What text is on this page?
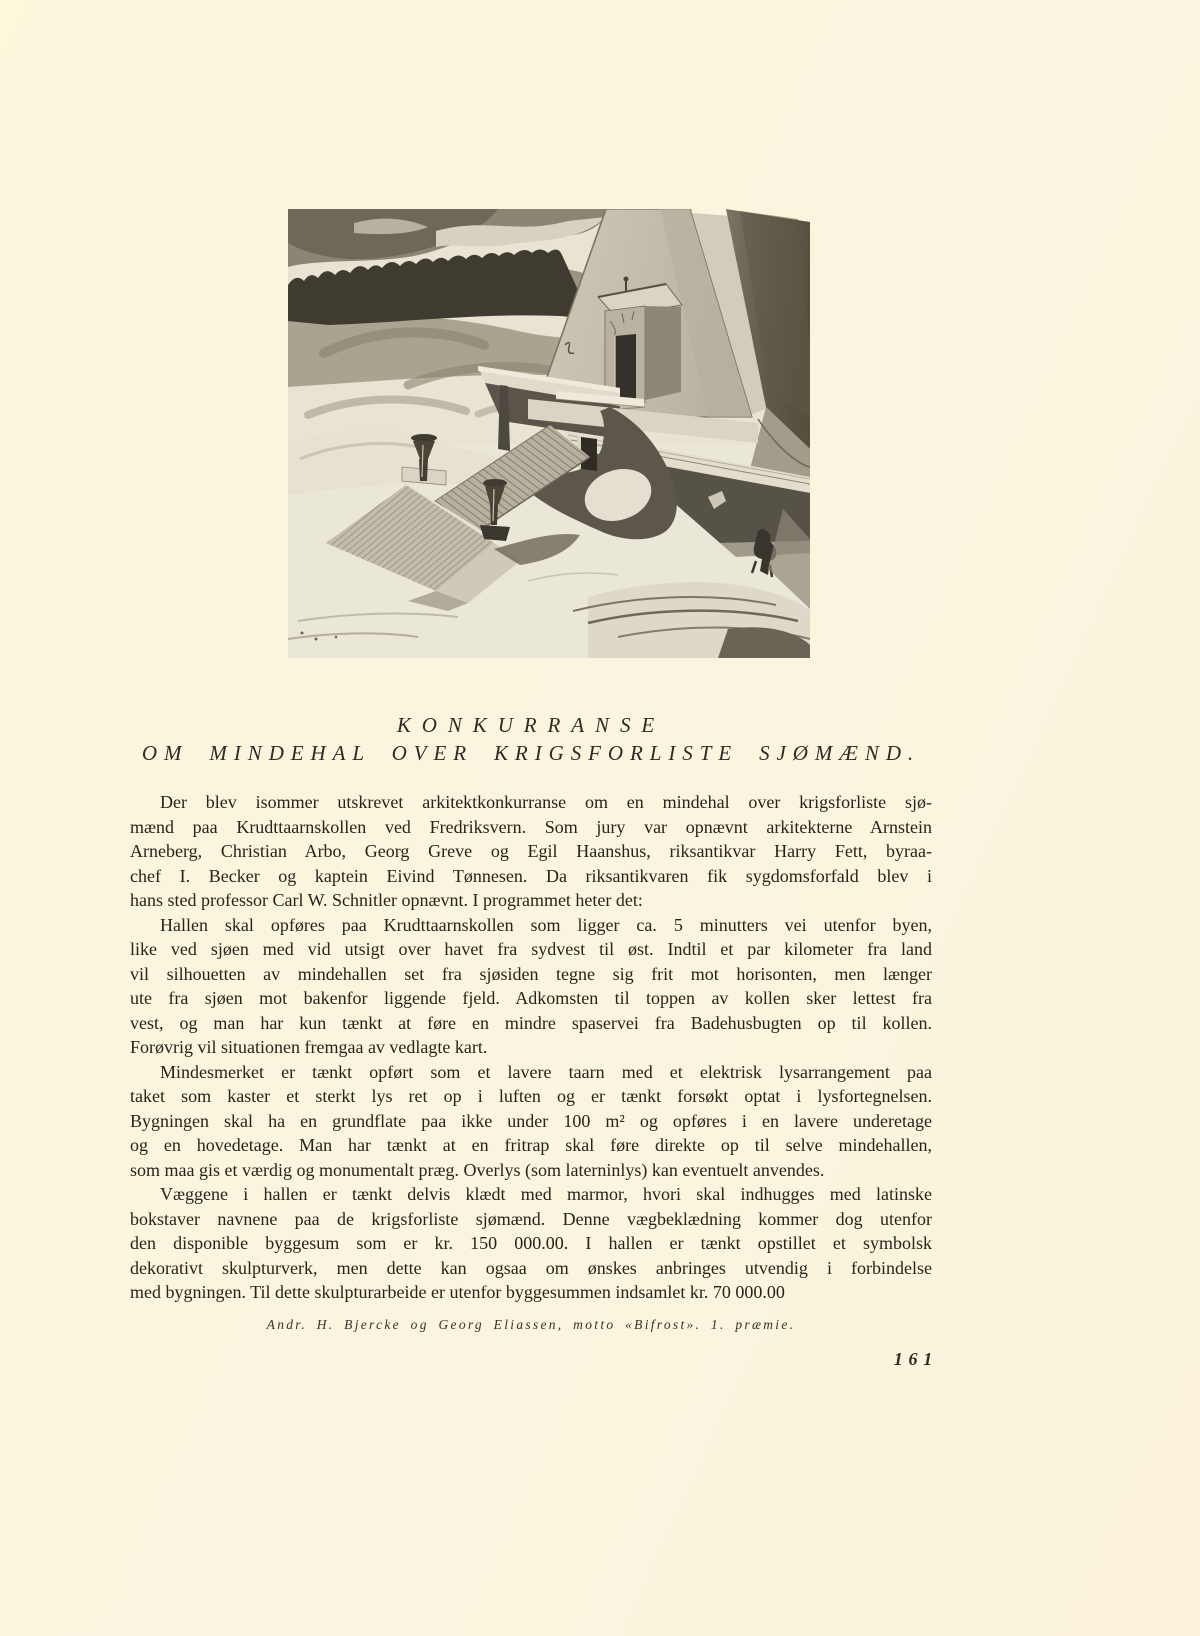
KONKURRANSE
OM MINDEHAL OVER KRIGSFORLISTE SJØMÆND.
Der blev isommer utskrevet arkitektkonkurranse om en mindehal over krigsforliste sjø-
mænd paa Krudttaarnskollen ved Fredriksvern. Som jury var opnævnt arkitekterne Arnstein
Arneberg, Christian Arbo, Georg Greve og Egil Haanshus, riksantikvar Harry Fett, byraa-
chef I. Becker og kaptein Eivind Tønnesen. Da riksantikvaren fik sygdomsforfald blev i
hans sted professor Carl W. Schnitler opnævnt. I programmet heter det:
Hallen skal opføres paa Krudttaarnskollen som ligger ca. 5 minutters vei utenfor byen,
like ved sjøen med vid utsigt over havet fra sydvest til øst. Indtil et par kilometer fra land
vil silhouetten av mindehallen set fra sjøsiden tegne sig frit mot horisonten, men længer
ute fra sjøen mot bakenfor liggende fjeld. Adkomsten til toppen av kollen sker lettest fra
vest, og man har kun tænkt at føre en mindre spaservei fra Badehusbugten op til kollen.
Forøvrig vil situationen fremgaa av vedlagte kart.
Mindesmerket er tænkt opført som et lavere taarn med et elektrisk lysarrangement paa
taket som kaster et sterkt lys ret op i luften og er tænkt forsøkt optat i lysfortegnelsen.
Bygningen skal ha en grundflate paa ikke under 100 m² og opføres i en lavere underetage
og en hovedetage. Man har tænkt at en fritrap skal føre direkte op til selve mindehallen,
som maa gis et værdig og monumentalt præg. Overlys (som laterninlys) kan eventuelt anvendes.
Væggene i hallen er tænkt delvis klædt med marmor, hvori skal indhugges med latinske
bokstaver navnene paa de krigsforliste sjømænd. Denne vægbeklædning kommer dog utenfor
den disponible byggesum som er kr. 150 000.00. I hallen er tænkt opstillet et symbolsk
dekorativt skulpturverk, men dette kan ogsaa om ønskes anbringes utvendig i forbindelse
med bygningen. Til dette skulpturarbeide er utenfor byggesummen indsamlet kr. 70 000.00
Andr. H. Bjercke og Georg Eliassen, motto «Bifrost». 1. præmie.
161
